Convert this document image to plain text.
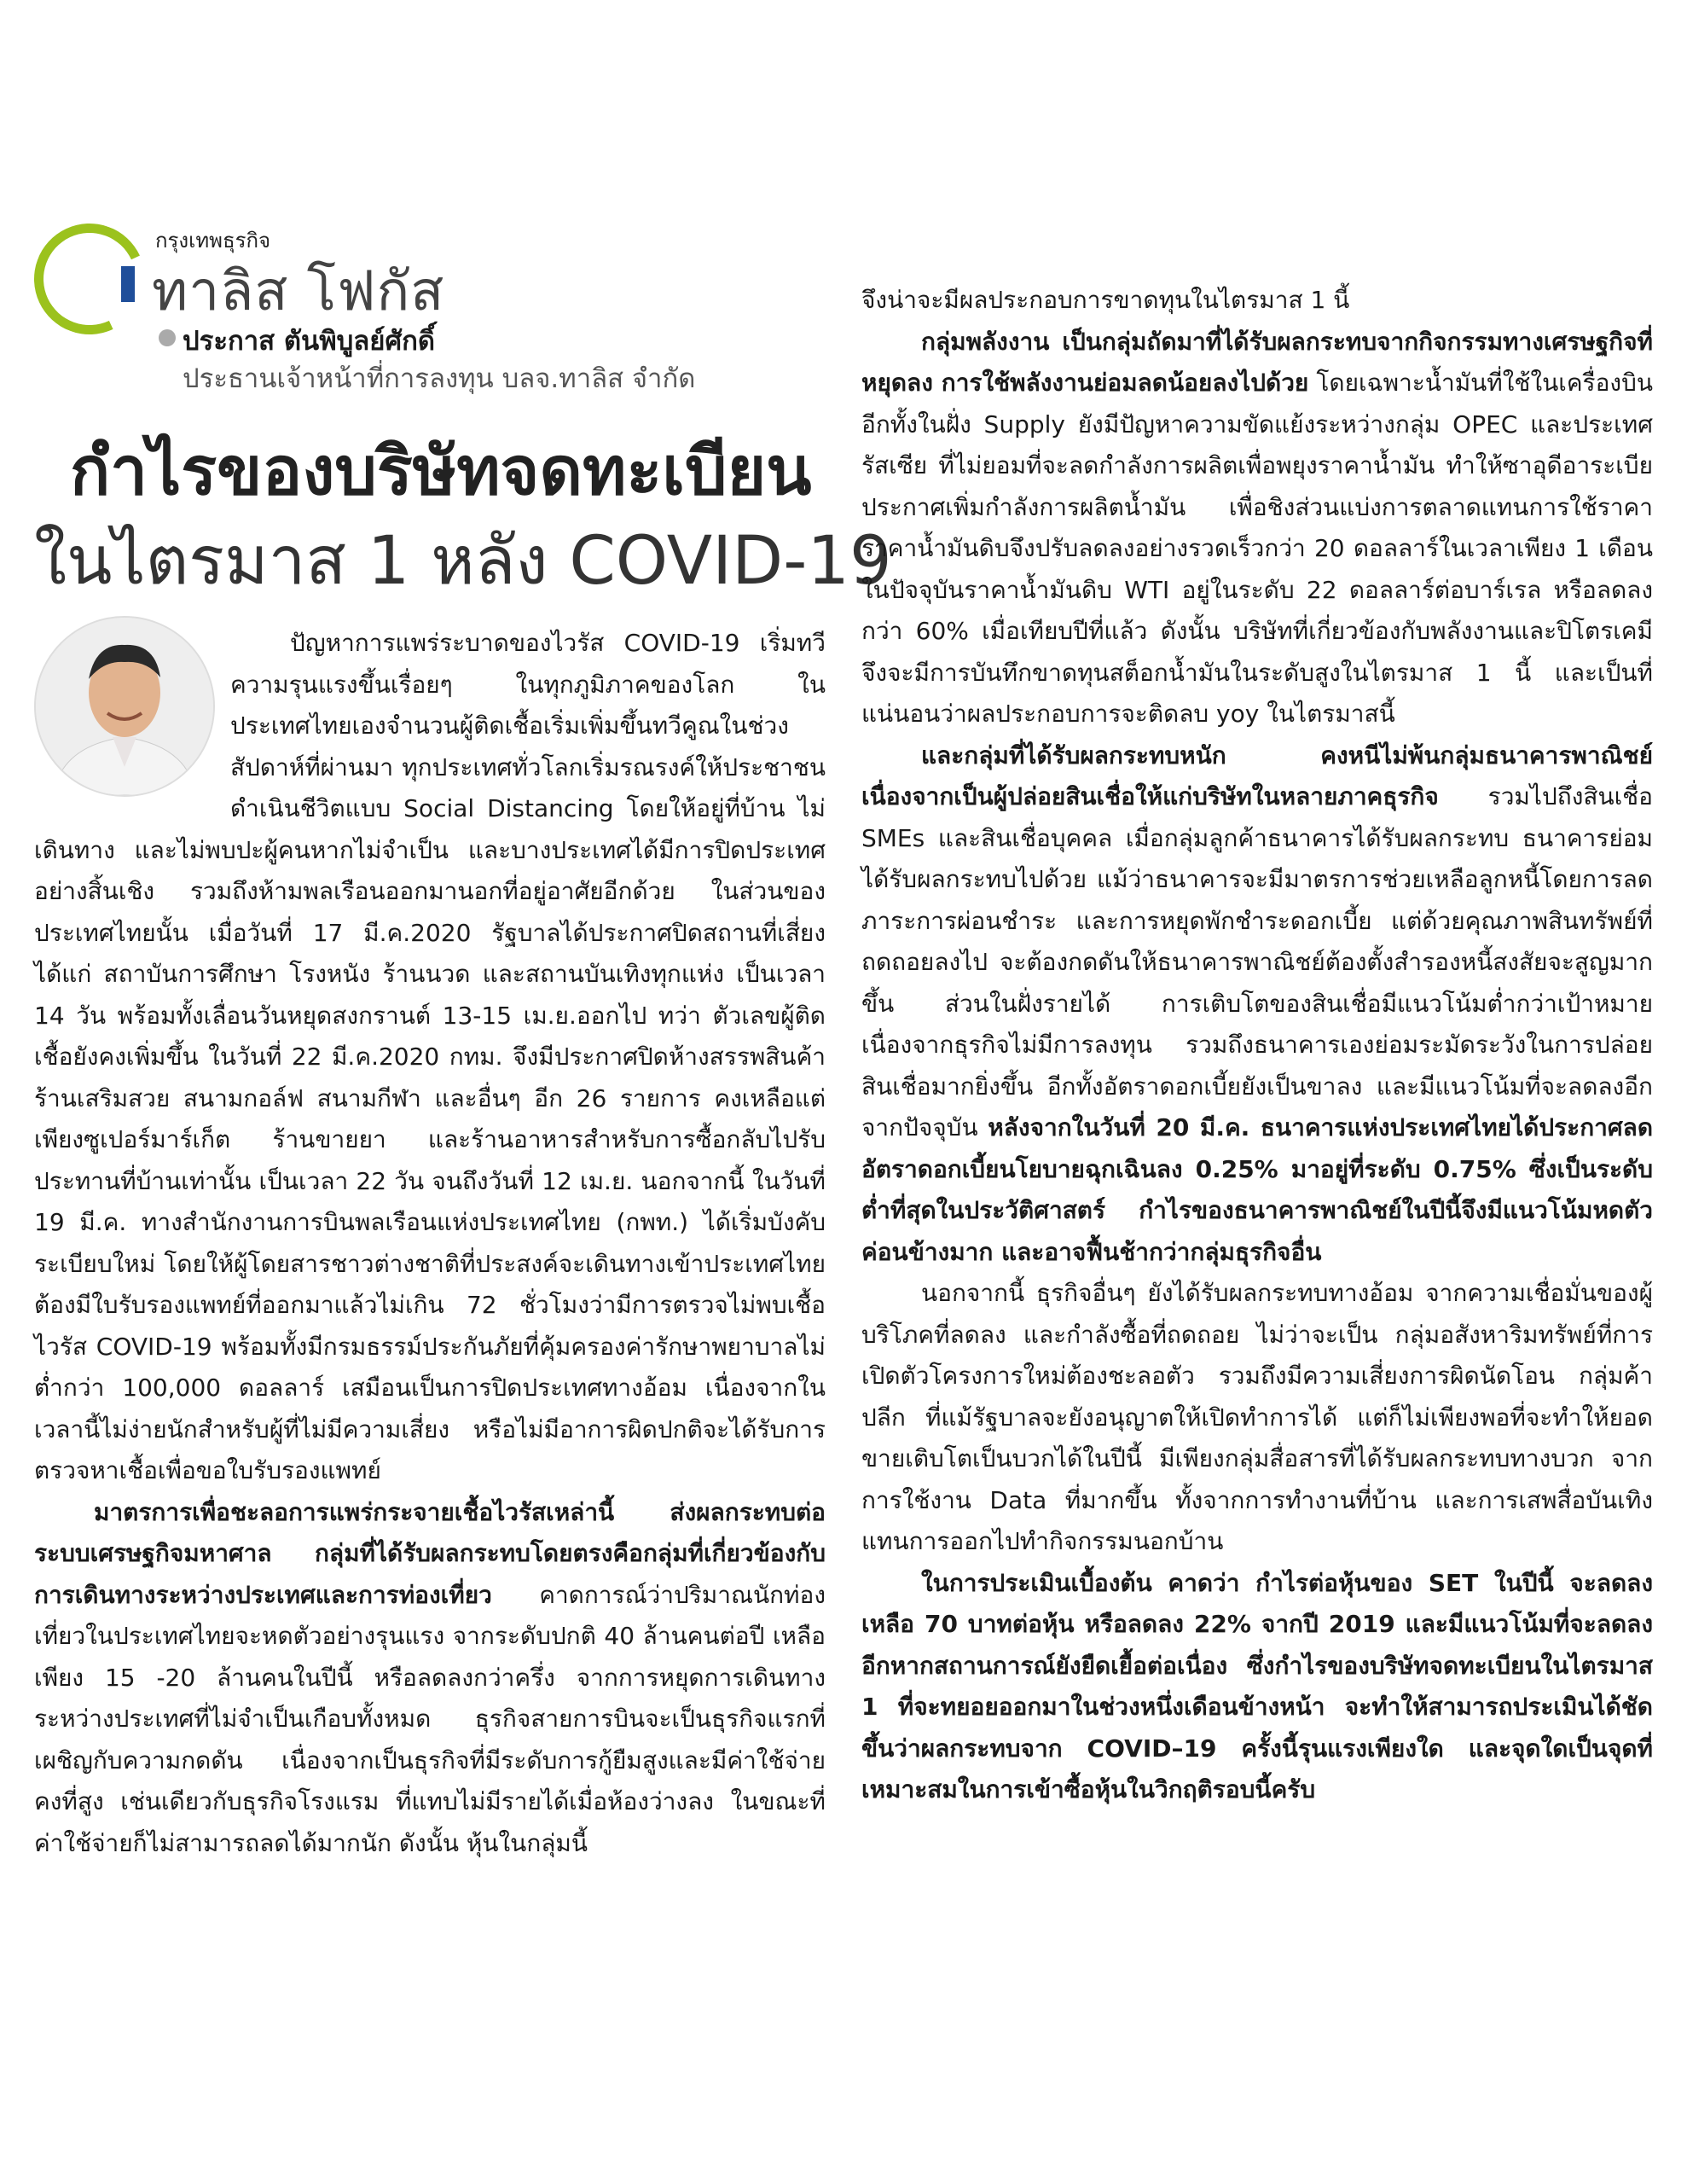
กรุงเทพธุรกิจ
ทาลิส โฟกัส
ประกาส ตันพิบูลย์ศักดิ์
ประธานเจ้าหน้าที่การลงทุน บลจ.ทาลิส จำกัด
กำไรของบริษัทจดทะเบียน
ในไตรมาส 1 หลัง COVID-19

ปัญหาการแพร่ระบาดของไวรัส COVID-19 เริ่มทวีความรุนแรงขึ้นเรื่อยๆ ในทุกภูมิภาคของโลก ในประเทศไทยเองจำนวนผู้ติดเชื้อเริ่มเพิ่มขึ้นทวีคูณในช่วงสัปดาห์ที่ผ่านมา ทุกประเทศทั่วโลกเริ่มรณรงค์ให้ประชาชนดำเนินชีวิตแบบ Social Distancing โดยให้อยู่ที่บ้าน ไม่เดินทาง และไม่พบปะผู้คนหากไม่จำเป็น และบางประเทศได้มีการปิดประเทศอย่างสิ้นเชิง รวมถึงห้ามพลเรือนออกมานอกที่อยู่อาศัยอีกด้วย ในส่วนของประเทศไทยนั้น เมื่อวันที่ 17 มี.ค.2020 รัฐบาลได้ประกาศปิดสถานที่เสี่ยงได้แก่ สถาบันการศึกษา โรงหนัง ร้านนวด และสถานบันเทิงทุกแห่ง เป็นเวลา 14 วัน พร้อมทั้งเลื่อนวันหยุดสงกรานต์ 13-15 เม.ย.ออกไป ทว่า ตัวเลขผู้ติดเชื้อยังคงเพิ่มขึ้น ในวันที่ 22 มี.ค.2020 กทม. จึงมีประกาศปิดห้างสรรพสินค้า ร้านเสริมสวย สนามกอล์ฟ สนามกีฬา และอื่นๆ อีก 26 รายการ คงเหลือแต่เพียงซูเปอร์มาร์เก็ต ร้านขายยา และร้านอาหารสำหรับการซื้อกลับไปรับประทานที่บ้านเท่านั้น เป็นเวลา 22 วัน จนถึงวันที่ 12 เม.ย. นอกจากนี้ ในวันที่ 19 มี.ค. ทางสำนักงานการบินพลเรือนแห่งประเทศไทย (กพท.) ได้เริ่มบังคับระเบียบใหม่ โดยให้ผู้โดยสารชาวต่างชาติที่ประสงค์จะเดินทางเข้าประเทศไทย ต้องมีใบรับรองแพทย์ที่ออกมาแล้วไม่เกิน 72 ชั่วโมงว่ามีการตรวจไม่พบเชื้อไวรัส COVID-19 พร้อมทั้งมีกรมธรรม์ประกันภัยที่คุ้มครองค่ารักษาพยาบาลไม่ต่ำกว่า 100,000 ดอลลาร์ เสมือนเป็นการปิดประเทศทางอ้อม เนื่องจากในเวลานี้ไม่ง่ายนักสำหรับผู้ที่ไม่มีความเสี่ยง หรือไม่มีอาการผิดปกติจะได้รับการตรวจหาเชื้อเพื่อขอใบรับรองแพทย์

มาตรการเพื่อชะลอการแพร่กระจายเชื้อไวรัสเหล่านี้ ส่งผลกระทบต่อระบบเศรษฐกิจมหาศาล กลุ่มที่ได้รับผลกระทบโดยตรงคือกลุ่มที่เกี่ยวข้องกับการเดินทางระหว่างประเทศและการท่องเที่ยว คาดการณ์ว่าปริมาณนักท่องเที่ยวในประเทศไทยจะหดตัวอย่างรุนแรง จากระดับปกติ 40 ล้านคนต่อปี เหลือเพียง 15 -20 ล้านคนในปีนี้ หรือลดลงกว่าครึ่ง จากการหยุดการเดินทางระหว่างประเทศที่ไม่จำเป็นเกือบทั้งหมด ธุรกิจสายการบินจะเป็นธุรกิจแรกที่เผชิญกับความกดดัน เนื่องจากเป็นธุรกิจที่มีระดับการกู้ยืมสูงและมีค่าใช้จ่ายคงที่สูง เช่นเดียวกับธุรกิจโรงแรม ที่แทบไม่มีรายได้เมื่อห้องว่างลง ในขณะที่ค่าใช้จ่ายก็ไม่สามารถลดได้มากนัก ดังนั้น หุ้นในกลุ่มนี้

จึงน่าจะมีผลประกอบการขาดทุนในไตรมาส 1 นี้

กลุ่มพลังงาน เป็นกลุ่มถัดมาที่ได้รับผลกระทบจากกิจกรรมทางเศรษฐกิจที่หยุดลง การใช้พลังงานย่อมลดน้อยลงไปด้วย โดยเฉพาะน้ำมันที่ใช้ในเครื่องบิน อีกทั้งในฝั่ง Supply ยังมีปัญหาความขัดแย้งระหว่างกลุ่ม OPEC และประเทศรัสเซีย ที่ไม่ยอมที่จะลดกำลังการผลิตเพื่อพยุงราคาน้ำมัน ทำให้ซาอุดีอาระเบียประกาศเพิ่มกำลังการผลิตน้ำมัน เพื่อชิงส่วนแบ่งการตลาดแทนการใช้ราคา ราคาน้ำมันดิบจึงปรับลดลงอย่างรวดเร็วกว่า 20 ดอลลาร์ในเวลาเพียง 1 เดือน ในปัจจุบันราคาน้ำมันดิบ WTI อยู่ในระดับ 22 ดอลลาร์ต่อบาร์เรล หรือลดลงกว่า 60% เมื่อเทียบปีที่แล้ว ดังนั้น บริษัทที่เกี่ยวข้องกับพลังงานและปิโตรเคมี จึงจะมีการบันทึกขาดทุนสต็อกน้ำมันในระดับสูงในไตรมาส 1 นี้ และเป็นที่แน่นอนว่าผลประกอบการจะติดลบ yoy ในไตรมาสนี้

และกลุ่มที่ได้รับผลกระทบหนัก คงหนีไม่พ้นกลุ่มธนาคารพาณิชย์ เนื่องจากเป็นผู้ปล่อยสินเชื่อให้แก่บริษัทในหลายภาคธุรกิจ รวมไปถึงสินเชื่อ SMEs และสินเชื่อบุคคล เมื่อกลุ่มลูกค้าธนาคารได้รับผลกระทบ ธนาคารย่อมได้รับผลกระทบไปด้วย แม้ว่าธนาคารจะมีมาตรการช่วยเหลือลูกหนี้โดยการลดภาระการผ่อนชำระ และการหยุดพักชำระดอกเบี้ย แต่ด้วยคุณภาพสินทรัพย์ที่ถดถอยลงไป จะต้องกดดันให้ธนาคารพาณิชย์ต้องตั้งสำรองหนี้สงสัยจะสูญมากขึ้น ส่วนในฝั่งรายได้ การเติบโตของสินเชื่อมีแนวโน้มต่ำกว่าเป้าหมาย เนื่องจากธุรกิจไม่มีการลงทุน รวมถึงธนาคารเองย่อมระมัดระวังในการปล่อยสินเชื่อมากยิ่งขึ้น อีกทั้งอัตราดอกเบี้ยยังเป็นขาลง และมีแนวโน้มที่จะลดลงอีกจากปัจจุบัน หลังจากในวันที่ 20 มี.ค. ธนาคารแห่งประเทศไทยได้ประกาศลดอัตราดอกเบี้ยนโยบายฉุกเฉินลง 0.25% มาอยู่ที่ระดับ 0.75% ซึ่งเป็นระดับต่ำที่สุดในประวัติศาสตร์ กำไรของธนาคารพาณิชย์ในปีนี้จึงมีแนวโน้มหดตัวค่อนข้างมาก และอาจฟื้นช้ากว่ากลุ่มธุรกิจอื่น

นอกจากนี้ ธุรกิจอื่นๆ ยังได้รับผลกระทบทางอ้อม จากความเชื่อมั่นของผู้บริโภคที่ลดลง และกำลังซื้อที่ถดถอย ไม่ว่าจะเป็น กลุ่มอสังหาริมทรัพย์ที่การเปิดตัวโครงการใหม่ต้องชะลอตัว รวมถึงมีความเสี่ยงการผิดนัดโอน กลุ่มค้าปลีก ที่แม้รัฐบาลจะยังอนุญาตให้เปิดทำการได้ แต่ก็ไม่เพียงพอที่จะทำให้ยอดขายเติบโตเป็นบวกได้ในปีนี้ มีเพียงกลุ่มสื่อสารที่ได้รับผลกระทบทางบวก จากการใช้งาน Data ที่มากขึ้น ทั้งจากการทำงานที่บ้าน และการเสพสื่อบันเทิง แทนการออกไปทำกิจกรรมนอกบ้าน

ในการประเมินเบื้องต้น คาดว่า กำไรต่อหุ้นของ SET ในปีนี้ จะลดลงเหลือ 70 บาทต่อหุ้น หรือลดลง 22% จากปี 2019 และมีแนวโน้มที่จะลดลงอีกหากสถานการณ์ยังยืดเยื้อต่อเนื่อง ซึ่งกำไรของบริษัทจดทะเบียนในไตรมาส 1 ที่จะทยอยออกมาในช่วงหนึ่งเดือนข้างหน้า จะทำให้สามารถประเมินได้ชัดขึ้นว่าผลกระทบจาก COVID–19 ครั้งนี้รุนแรงเพียงใด และจุดใดเป็นจุดที่เหมาะสมในการเข้าซื้อหุ้นในวิกฤติรอบนี้ครับ
